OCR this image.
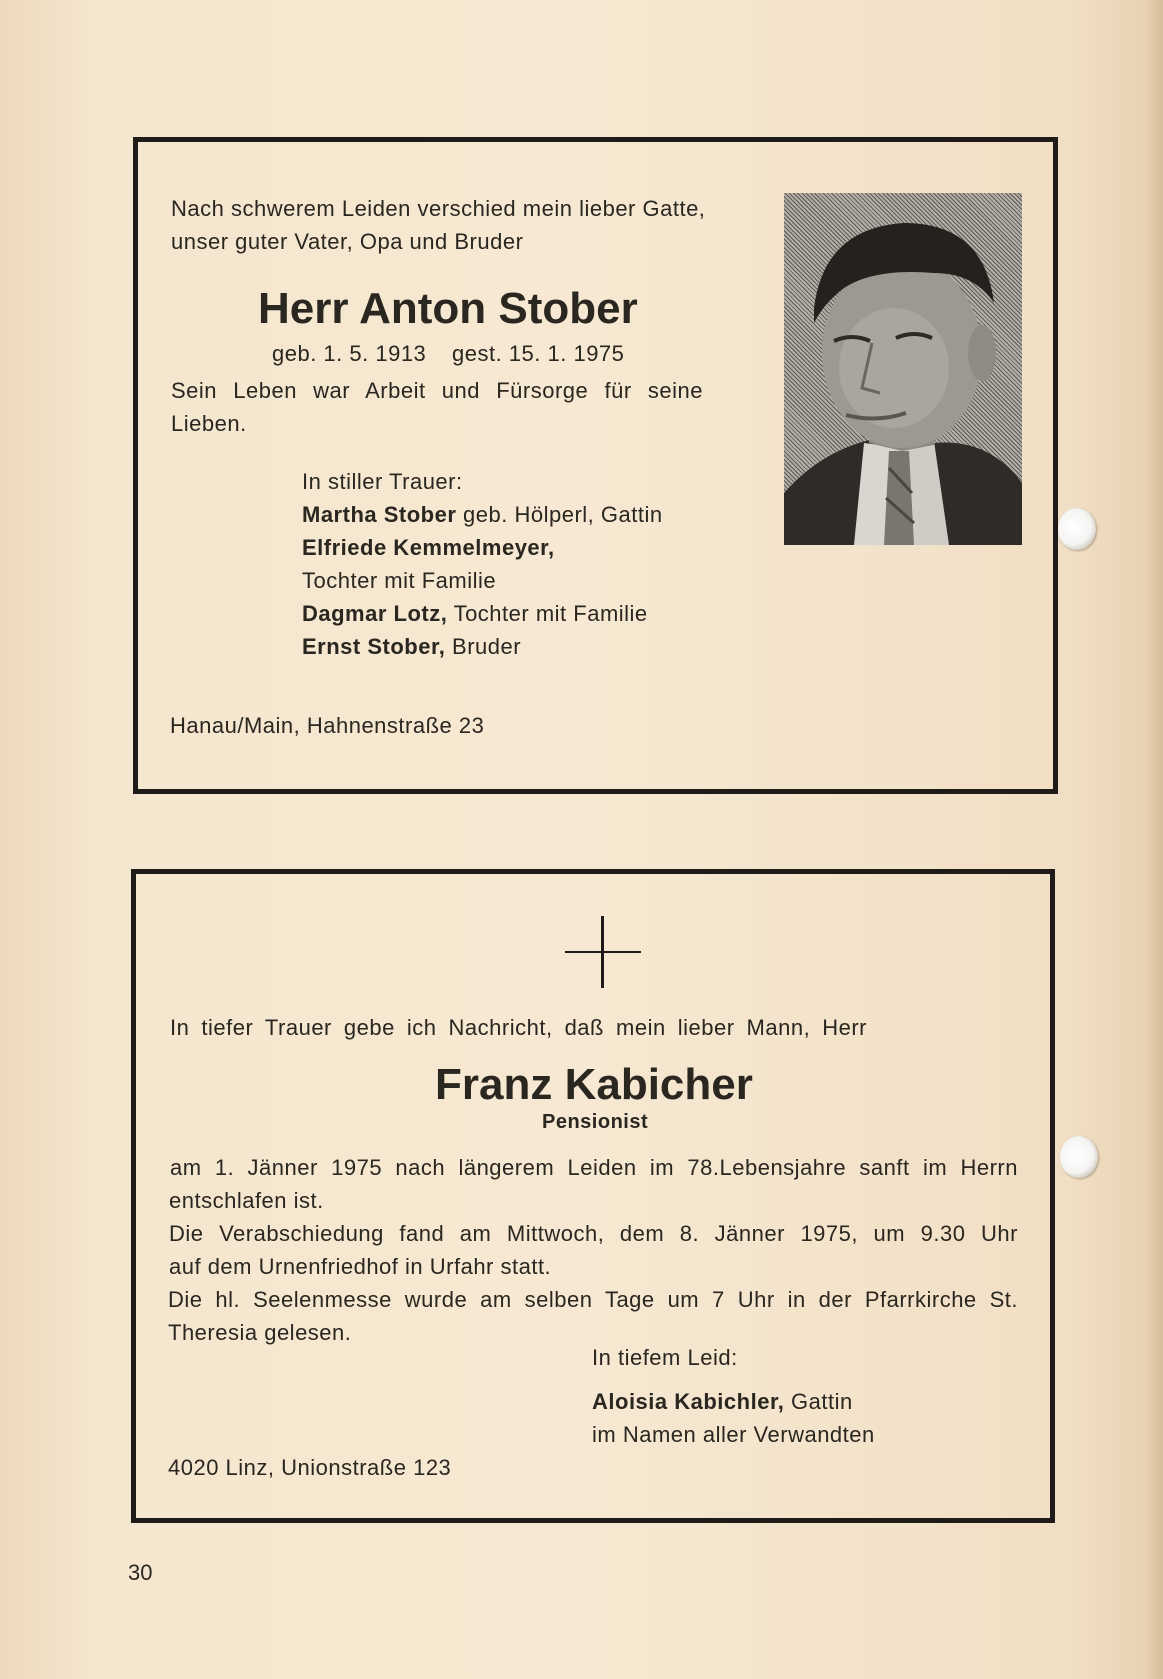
Nach schwerem Leiden verschied mein lieber Gatte,
unser guter Vater, Opa und Bruder
Herr Anton Stober
geb. 1. 5. 1913 gest. 15. 1. 1975
Sein Leben war Arbeit und Fürsorge für seine
Lieben.
In stiller Trauer:
Martha Stober geb. Hölperl, Gattin
Elfriede Kemmelmeyer,
Tochter mit Familie
Dagmar Lotz, Tochter mit Familie
Ernst Stober, Bruder
Hanau/Main, Hahnenstraße 23
In tiefer Trauer gebe ich Nachricht, daß mein lieber Mann, Herr
Franz Kabicher
Pensionist
am 1. Jänner 1975 nach längerem Leiden im 78.Lebensjahre sanft im Herrn
entschlafen ist.
Die Verabschiedung fand am Mittwoch, dem 8. Jänner 1975, um 9.30 Uhr
auf dem Urnenfriedhof in Urfahr statt.
Die hl. Seelenmesse wurde am selben Tage um 7 Uhr in der Pfarrkirche St.
Theresia gelesen.
In tiefem Leid:
Aloisia Kabichler, Gattin
im Namen aller Verwandten
4020 Linz, Unionstraße 123
30
